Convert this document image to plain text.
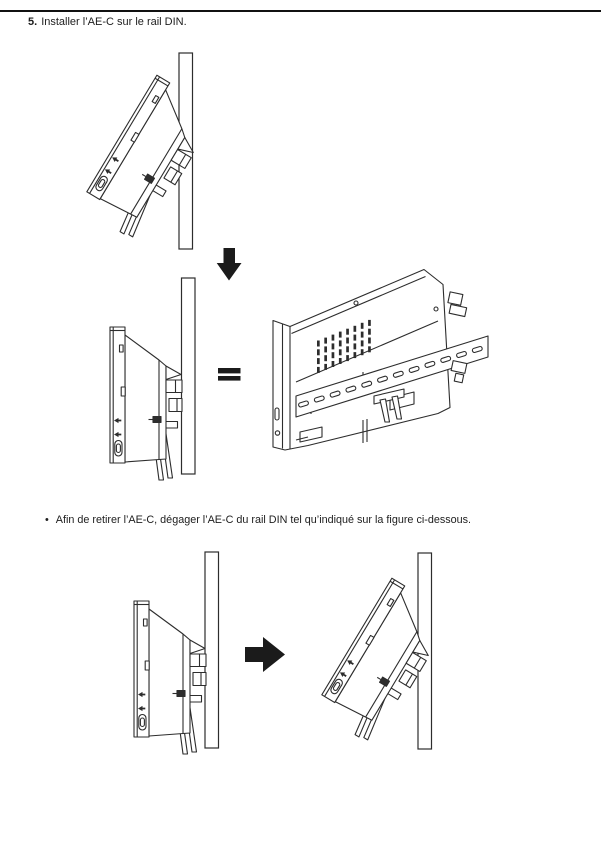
5. Installer l’AE-C sur le rail DIN.
• Afin de retirer l’AE-C, dégager l’AE-C du rail DIN tel qu’indiqué sur la figure ci-dessous.
